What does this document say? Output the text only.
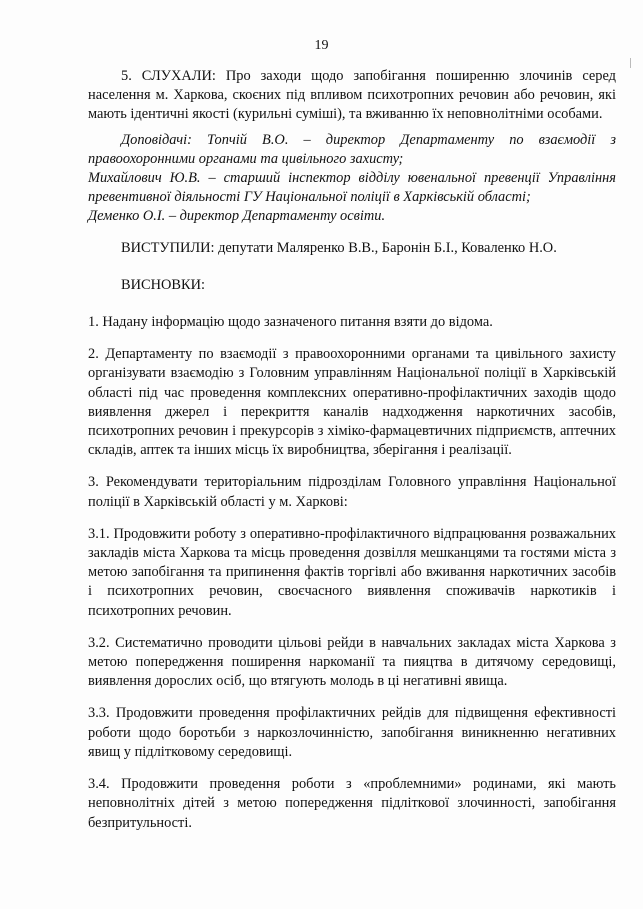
19

5. СЛУХАЛИ: Про заходи щодо запобігання поширенню злочинів серед населення м. Харкова, скоєних під впливом психотропних речовин або речовин, які мають ідентичні якості (курильні суміші), та вживанню їх неповнолітніми особами.

Доповідачі: Топчій В.О. – директор Департаменту по взаємодії з правоохоронними органами та цивільного захисту;

Михайлович Ю.В. – старший інспектор відділу ювенальної превенції Управління превентивної діяльності ГУ Національної поліції в Харківській області;

Деменко О.І. – директор Департаменту освіти.

ВИСТУПИЛИ: депутати Маляренко В.В., Баронін Б.І., Коваленко Н.О.

ВИСНОВКИ:

1. Надану інформацію щодо зазначеного питання взяти до відома.

2. Департаменту по взаємодії з правоохоронними органами та цивільного захисту організувати взаємодію з Головним управлінням Національної поліції в Харківській області під час проведення комплексних оперативно-профілактичних заходів щодо виявлення джерел і перекриття каналів надходження наркотичних засобів, психотропних речовин і прекурсорів з хіміко-фармацевтичних підприємств, аптечних складів, аптек та інших місць їх виробництва, зберігання і реалізації.

3. Рекомендувати територіальним підрозділам Головного управління Національної поліції в Харківській області у м. Харкові:

3.1. Продовжити роботу з оперативно-профілактичного відпрацювання розважальних закладів міста Харкова та місць проведення дозвілля мешканцями та гостями міста з метою запобігання та припинення фактів торгівлі або вживання наркотичних засобів і психотропних речовин, своєчасного виявлення споживачів наркотиків і психотропних речовин.

3.2. Систематично проводити цільові рейди в навчальних закладах міста Харкова з метою попередження поширення наркоманії та пияцтва в дитячому середовищі, виявлення дорослих осіб, що втягують молодь в ці негативні явища.

3.3. Продовжити проведення профілактичних рейдів для підвищення ефективності роботи щодо боротьби з наркозлочинністю, запобігання виникненню негативних явищ у підлітковому середовищі.

3.4. Продовжити проведення роботи з «проблемними» родинами, які мають неповнолітніх дітей з метою попередження підліткової злочинності, запобігання безпритульності.
